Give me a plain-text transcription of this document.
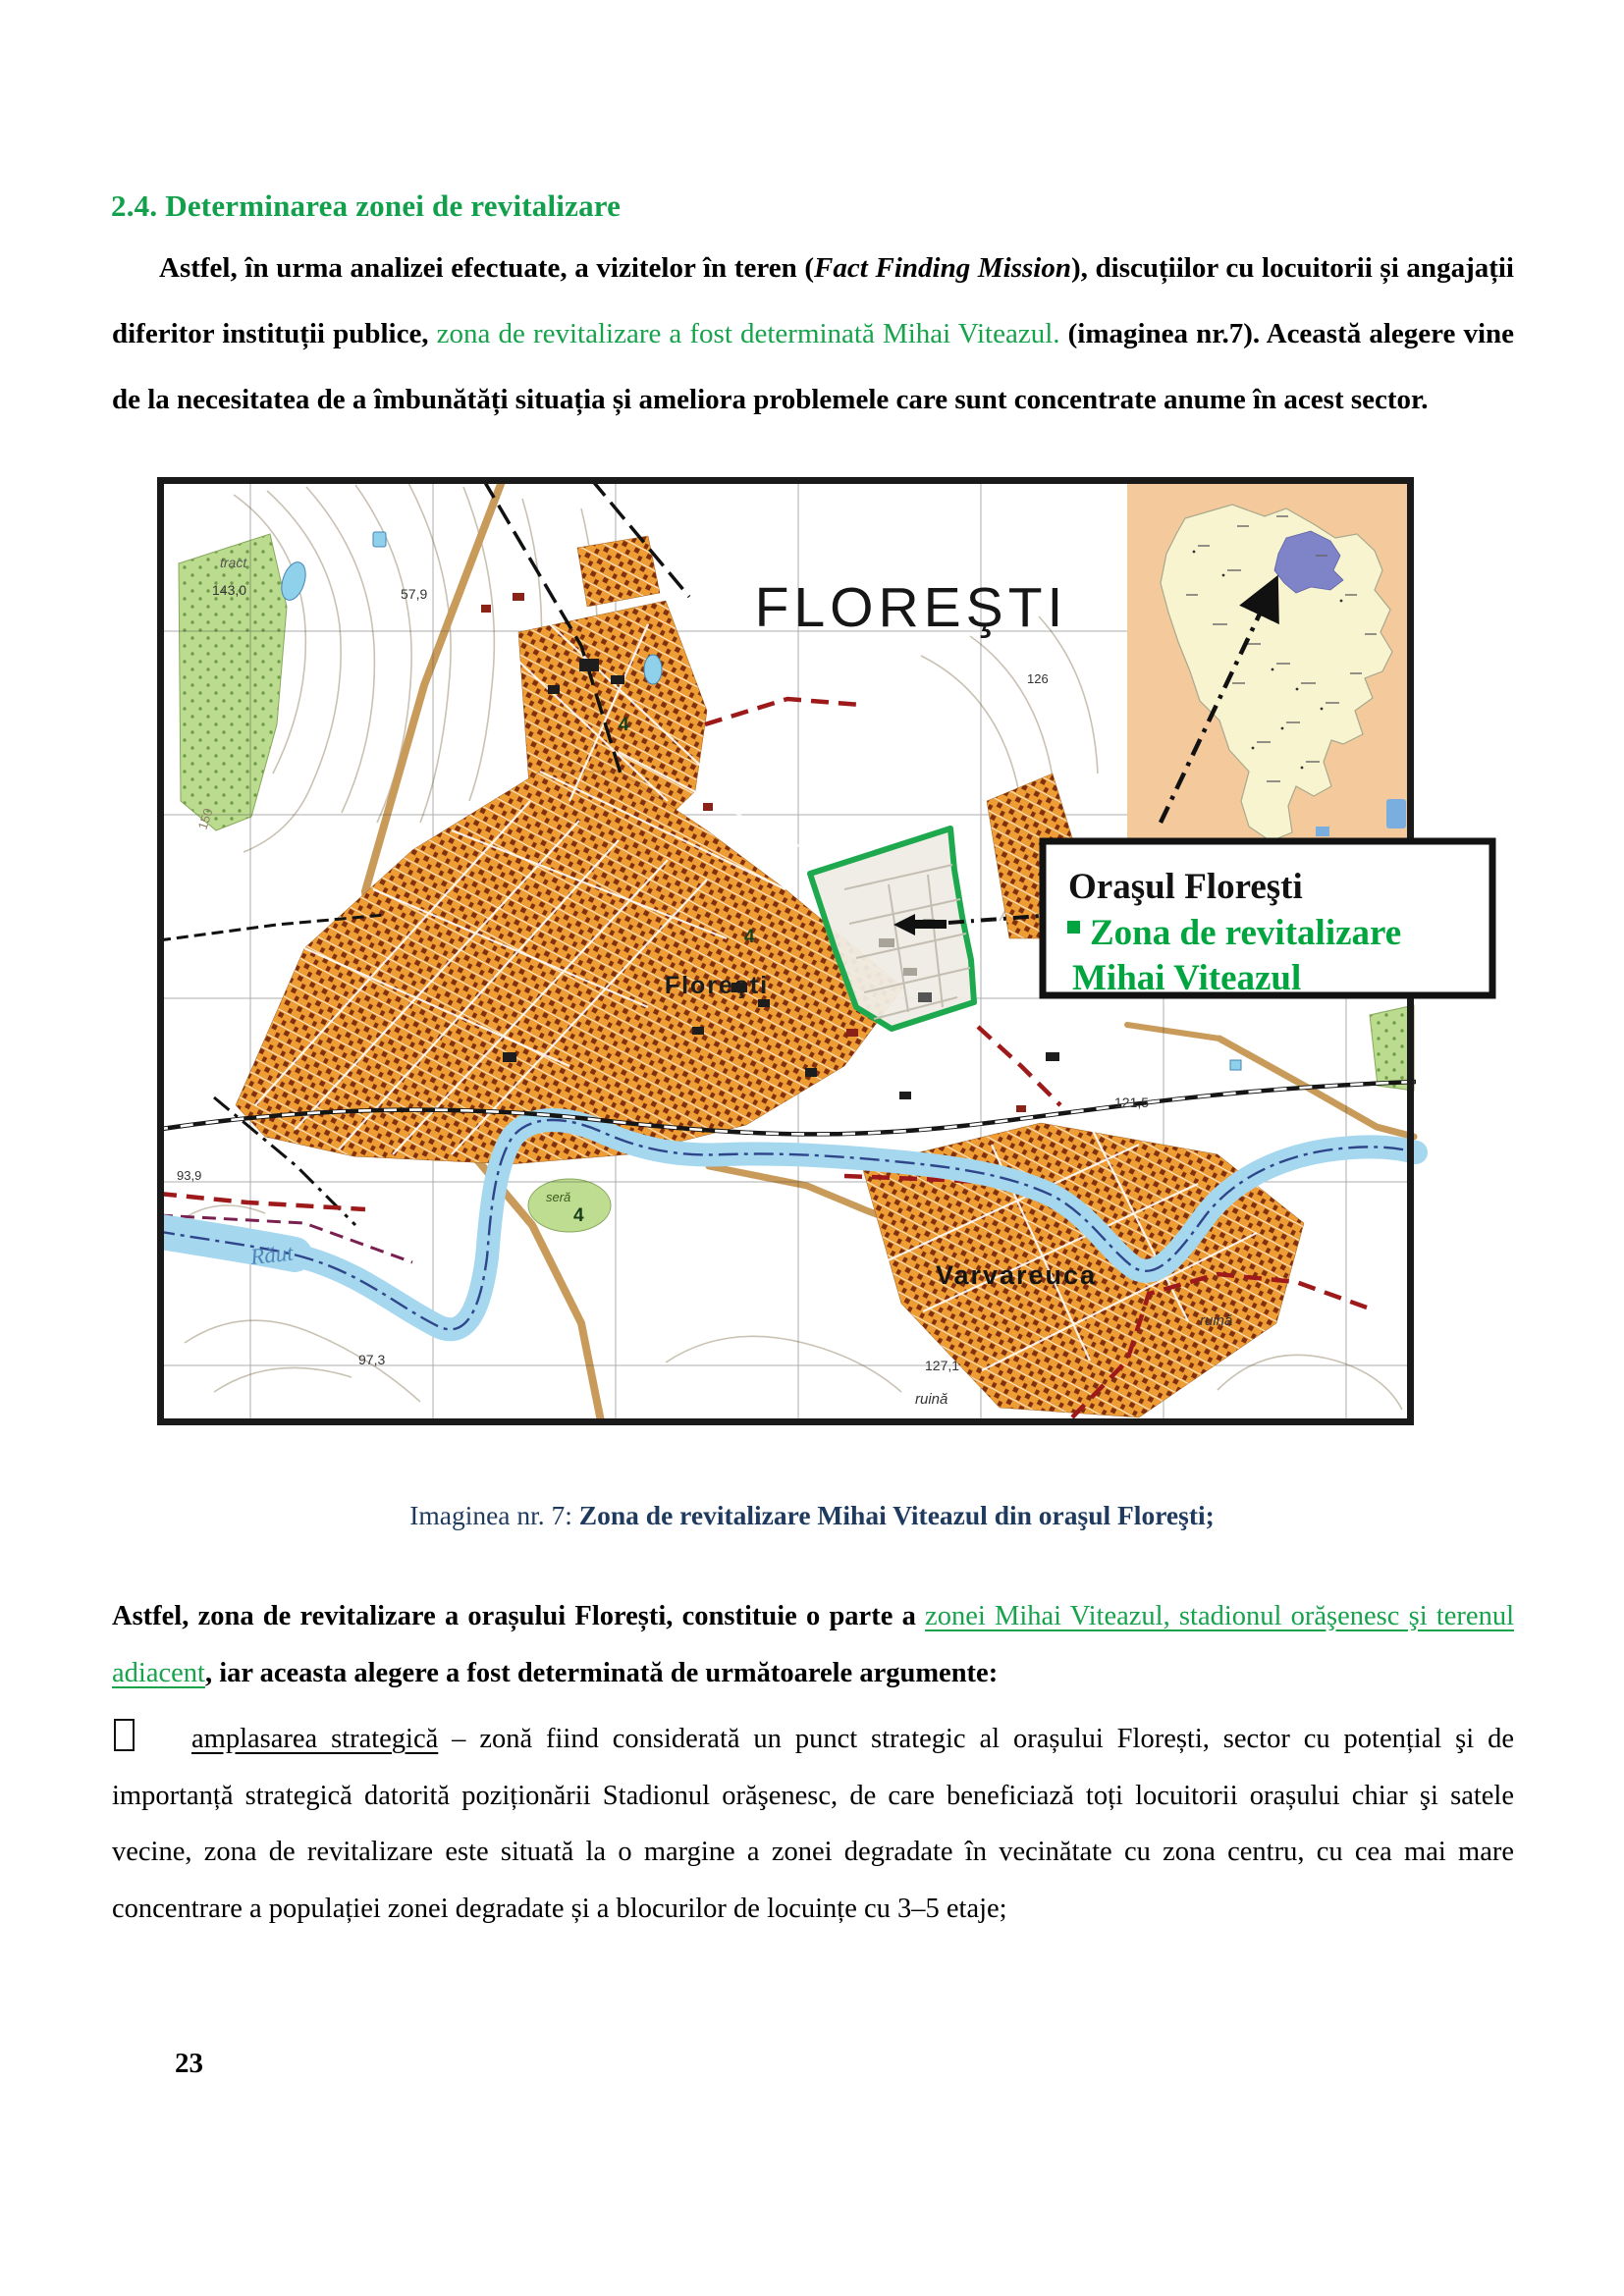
2.4. Determinarea zonei de revitalizare
Astfel, în urma analizei efectuate, a vizitelor în teren (Fact Finding Mission), discuțiilor cu locuitorii și angajații diferitor instituții publice, zona de revitalizare a fost determinată Mihai Viteazul. (imaginea nr.7). Această alegere vine de la necesitatea de a îmbunătăți situația și ameliora problemele care sunt concentrate anume în acest sector.
FLOREŞTI
Floreşti
Varvareuca
Răut
tract
143,0	57,9
150
126
121,5
93,9
97,3	127,1
ruină
ruină
seră
4
4
4
Oraşul Floreşti
Zona de revitalizare
Mihai Viteazul
Imaginea nr. 7: Zona de revitalizare Mihai Viteazul din oraşul Floreşti;

Astfel, zona de revitalizare a orașului Florești, constituie o parte a zonei Mihai Viteazul, stadionul orăşenesc şi terenul adiacent, iar aceasta alegere a fost determinată de următoarele argumente:

amplasarea strategică – zonă fiind considerată un punct strategic al orașului Florești, sector cu potențial şi de importanță strategică datorită poziționării Stadionul orăşenesc, de care beneficiază toți locuitorii orașului chiar şi satele vecine, zona de revitalizare este situată la o margine a zonei degradate în vecinătate cu zona centru, cu cea mai mare concentrare a populației zonei degradate și a blocurilor de locuințe cu 3–5 etaje;

23
